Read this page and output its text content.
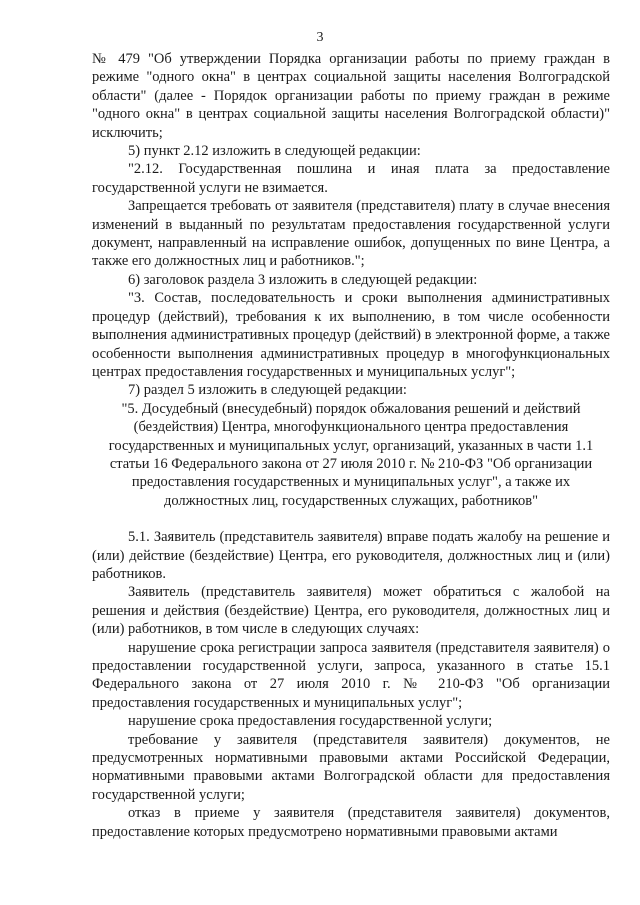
3

№ 479 "Об утверждении Порядка организации работы по приему граждан в режиме "одного окна" в центрах социальной защиты населения Волгоградской области" (далее - Порядок организации работы по приему граждан в режиме "одного окна" в центрах социальной защиты населения Волгоградской области)" исключить;

5) пункт 2.12 изложить в следующей редакции:

"2.12. Государственная пошлина и иная плата за предоставление государственной услуги не взимается.

Запрещается требовать от заявителя (представителя) плату в случае внесения изменений в выданный по результатам предоставления государственной услуги документ, направленный на исправление ошибок, допущенных по вине Центра, а также его должностных лиц и работников.";

6) заголовок раздела 3 изложить в следующей редакции:

"3. Состав, последовательность и сроки выполнения административных процедур (действий), требования к их выполнению, в том числе особенности выполнения административных процедур (действий) в электронной форме, а также особенности выполнения административных процедур в многофункциональных центрах предоставления государственных и муниципальных услуг";

7) раздел 5 изложить в следующей редакции:

"5. Досудебный (внесудебный) порядок обжалования решений и действий (бездействия) Центра, многофункционального центра предоставления государственных и муниципальных услуг, организаций, указанных в части 1.1 статьи 16 Федерального закона от 27 июля 2010 г. № 210-ФЗ "Об организации предоставления государственных и муниципальных услуг", а также их должностных лиц, государственных служащих, работников"

5.1. Заявитель (представитель заявителя) вправе подать жалобу на решение и (или) действие (бездействие) Центра, его руководителя, должностных лиц и (или) работников.

Заявитель (представитель заявителя) может обратиться с жалобой на решения и действия (бездействие) Центра, его руководителя, должностных лиц и (или) работников, в том числе в следующих случаях:

нарушение срока регистрации запроса заявителя (представителя заявителя) о предоставлении государственной услуги, запроса, указанного в статье 15.1 Федерального закона от 27 июля 2010 г. № 210-ФЗ "Об организации предоставления государственных и муниципальных услуг";

нарушение срока предоставления государственной услуги;

требование у заявителя (представителя заявителя) документов, не предусмотренных нормативными правовыми актами Российской Федерации, нормативными правовыми актами Волгоградской области для предоставления государственной услуги;

отказ в приеме у заявителя (представителя заявителя) документов, предоставление которых предусмотрено нормативными правовыми актами
